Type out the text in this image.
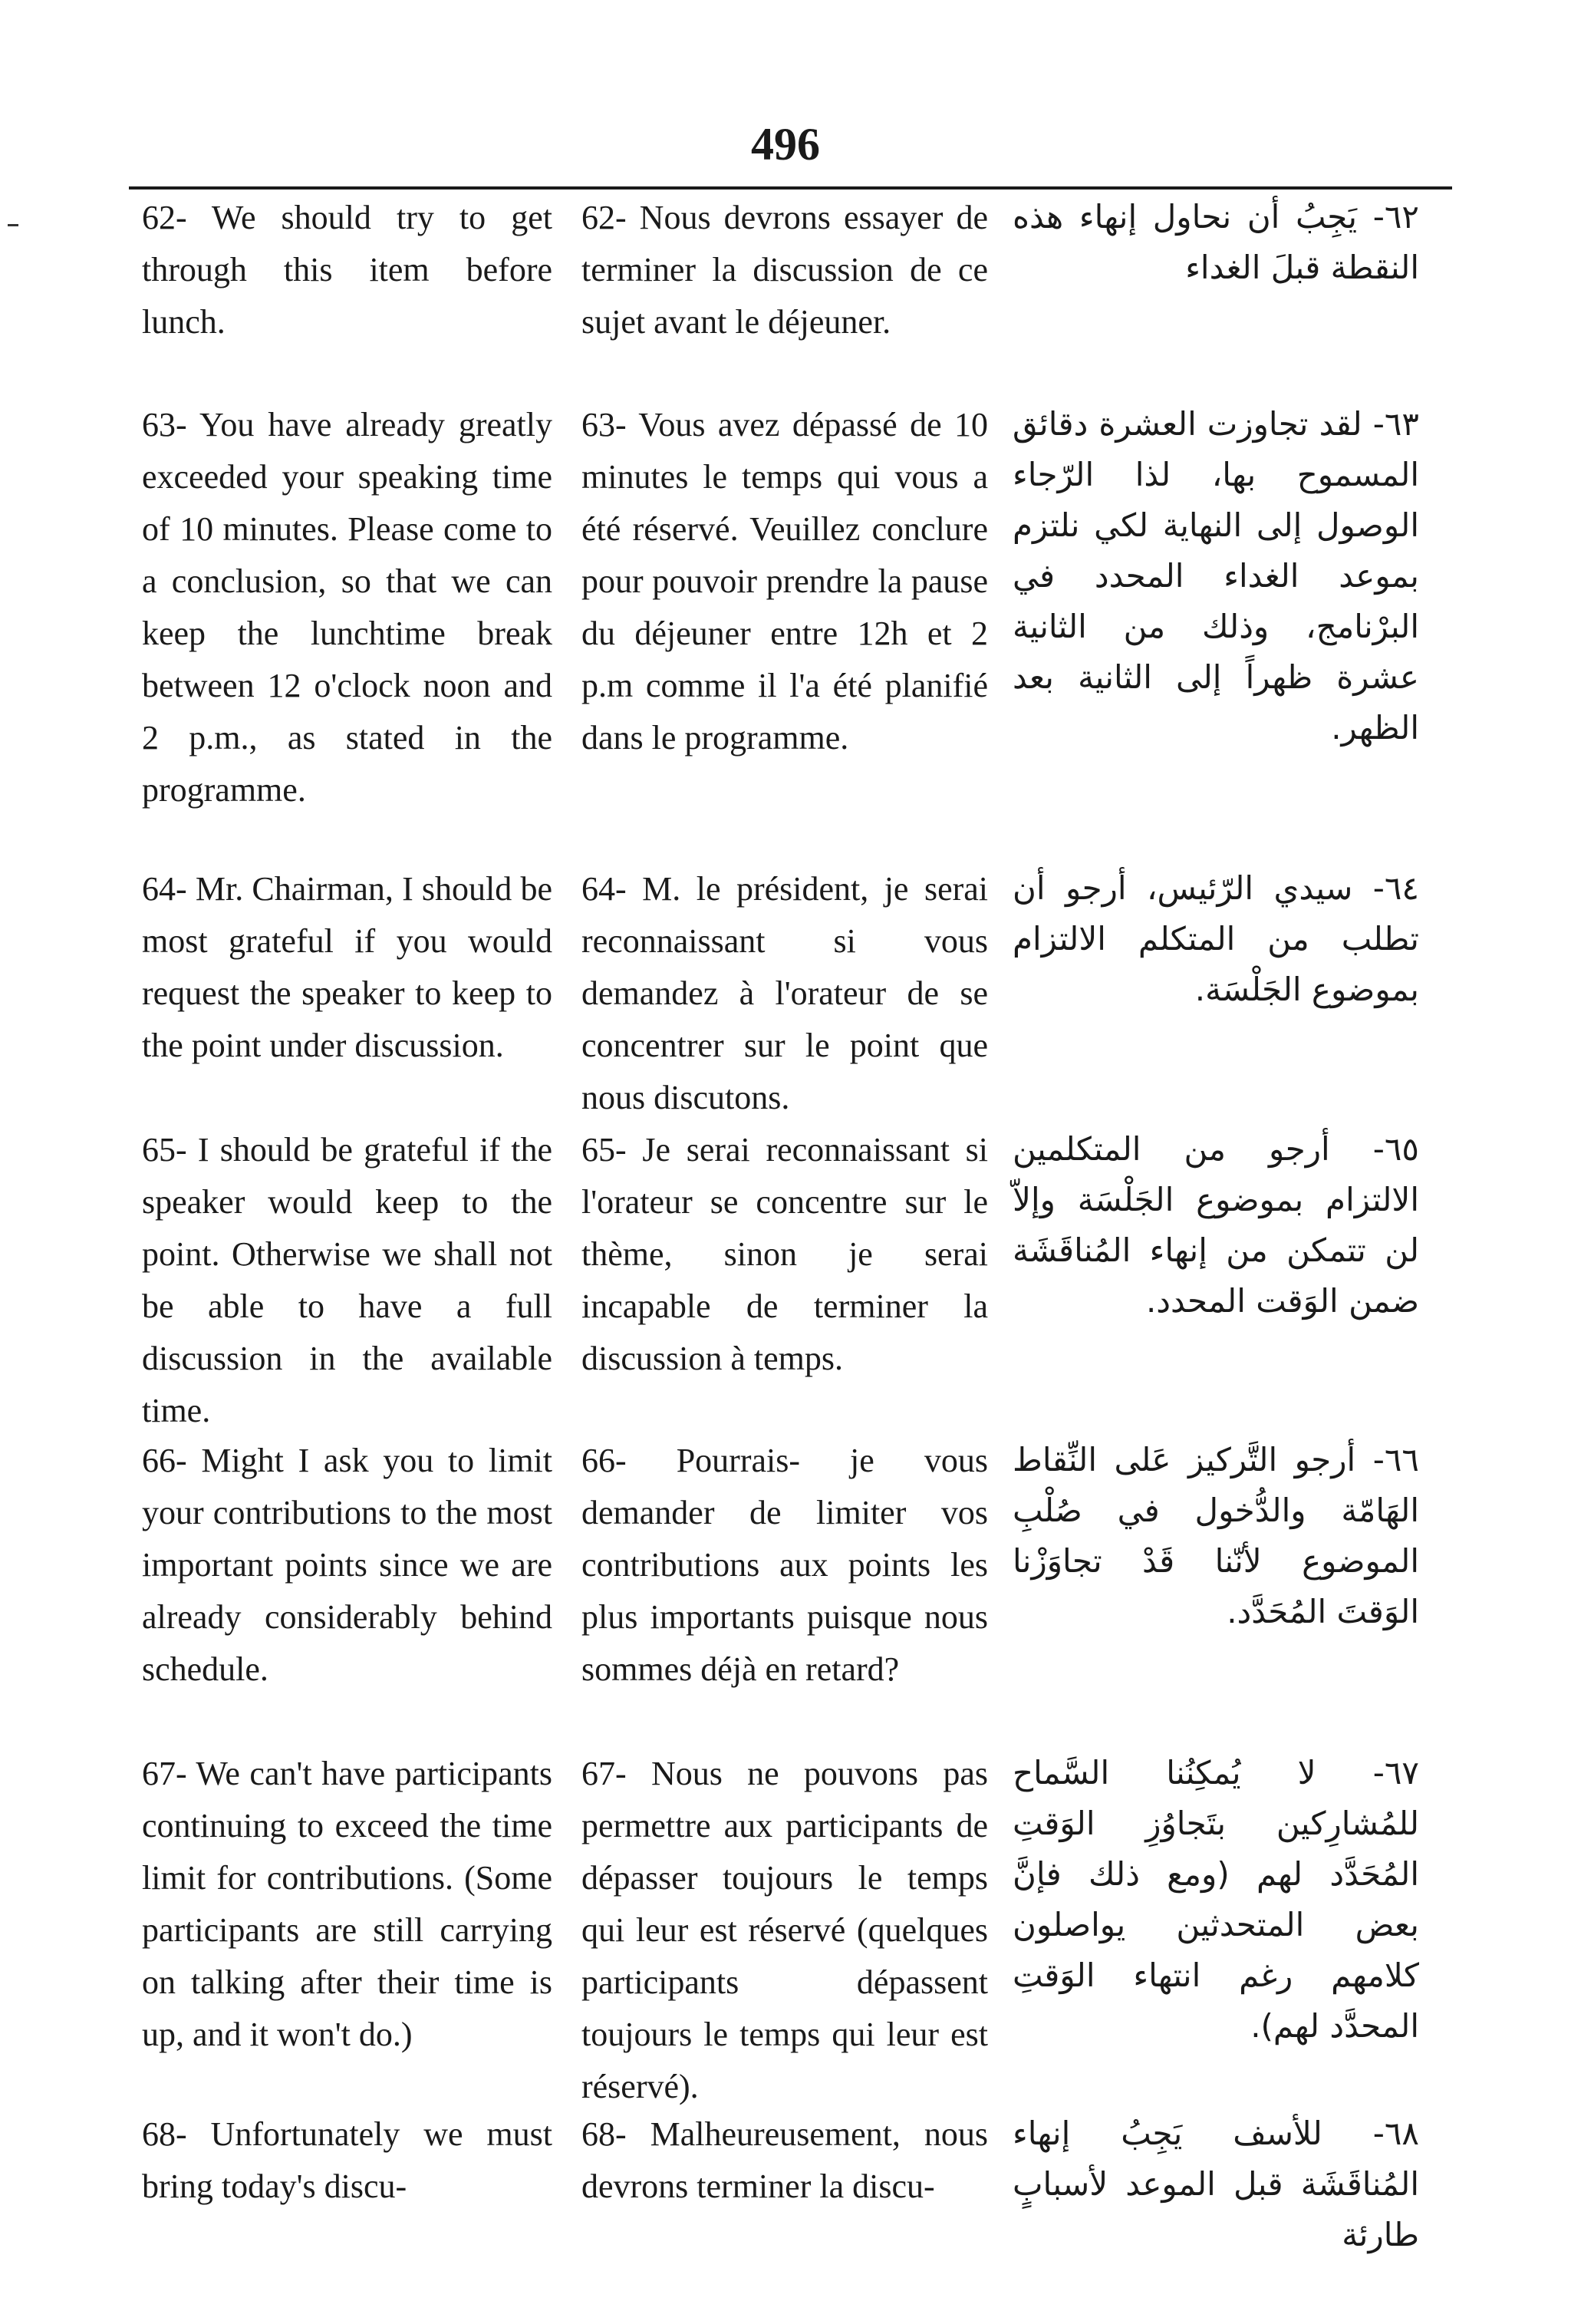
496
62- We should try to get through this item before lunch.
62- Nous devrons essayer de terminer la discussion de ce sujet avant le déjeuner.
٦٢- يَجِبُ أن نحاول إنهاء هذه النقطة قبلَ الغداء
63- You have already greatly exceeded your speaking time of 10 minutes. Please come to a conclusion, so that we can keep the lunchtime break between 12 o'clock noon and 2 p.m., as stated in the programme.
63- Vous avez dépassé de 10 minutes le temps qui vous a été réservé. Veuillez conclure pour pouvoir prendre la pause du déjeuner entre 12h et 2 p.m comme il l'a été planifié dans le programme.
٦٣- لقد تجاوزت العشرة دقائق المسموح بها، لذا الرّجاء الوصول إلى النهاية لكي نلتزم بموعد الغداء المحدد في البرْنامج، وذلك من الثانية عشرة ظهراً إلى الثانية بعد الظهر.
64- Mr. Chairman, I should be most grateful if you would request the speaker to keep to the point under discussion.
64- M. le président, je serai reconnaissant si vous demandez à l'orateur de se concentrer sur le point que nous discutons.
٦٤- سيدي الرّئيس، أرجو أن تطلب من المتكلم الالتزام بموضوع الجَلْسَة.
65- I should be grateful if the speaker would keep to the point. Otherwise we shall not be able to have a full discussion in the available time.
65- Je serai reconnaissant si l'orateur se concentre sur le thème, sinon je serai incapable de terminer la discussion à temps.
٦٥- أرجو من المتكلمين الالتزام بموضوع الجَلْسَة وإلاّ لن تتمكن من إنهاء المُناقَشَة ضمن الوَقت المحدد.
66- Might I ask you to limit your contributions to the most important points since we are already considerably behind schedule.
66- Pourrais- je vous demander de limiter vos contributions aux points les plus importants puisque nous sommes déjà en retard?
٦٦- أرجو التَّركيز عَلى النِّقاط الهَامّة والدُّخول في صُلْبِ الموضوع لأنّنا قَدْ تجاوَزْنا الوَقتَ المُحَدَّد.
67- We can't have participants continuing to exceed the time limit for contributions. (Some participants are still carrying on talking after their time is up, and it won't do.)
67- Nous ne pouvons pas permettre aux participants de dépasser toujours le temps qui leur est réservé (quelques participants dépassent toujours le temps qui leur est réservé).
٦٧- لا يُمكِنُنا السَّماح للمُشارِكين بتَجاوُزِ الوَقتِ المُحَدَّد لهم (ومع ذلك فإنَّ بعض المتحدثين يواصلون كلامهم رغم انتهاء الوَقتِ المحدَّد لهم).
68- Unfortunately we must bring today's discu-
68- Malheureusement, nous devrons terminer la discu-
٦٨- للأسف يَجِبُ إنهاء المُناقَشَة قبل الموعد لأسبابٍ طارئة
